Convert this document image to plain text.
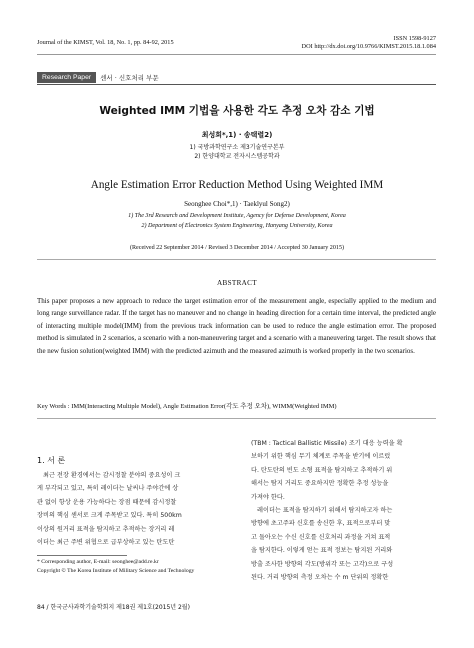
Journal of the KIMST, Vol. 18, No. 1, pp. 84-92, 2015
ISSN 1598-9127
DOI http://dx.doi.org/10.9766/KIMST.2015.18.1.084
Research Paper	센서 · 신호처리 부문
Weighted IMM 기법을 사용한 각도 추정 오차 감소 기법
최성희*,1) · 송택렬2)
1) 국방과학연구소 제3기술연구본부
2) 한양대학교 전자시스템공학과
Angle Estimation Error Reduction Method Using Weighted IMM
Seonghee Choi*,1) · Taeklyul Song2)
1) The 3rd Research and Development Institute, Agency for Defense Development, Korea
2) Department of Electronics System Engineering, Hanyang University, Korea
(Received 22 September 2014 / Revised 3 December 2014 / Accepted 30 January 2015)
ABSTRACT
This paper proposes a new approach to reduce the target estimation error of the measurement angle, especially applied to the medium and long range surveillance radar. If the target has no maneuver and no change in heading direction for a certain time interval, the predicted angle of interacting multiple model(IMM) from the previous track information can be used to reduce the angle estimation error. The proposed method is simulated in 2 scenarios, a scenario with a non-maneuvering target and a scenario with a maneuvering target. The result shows that the new fusion solution(weighted IMM) with the predicted azimuth and the measured azimuth is worked properly in the two scenarios.
Key Words : IMM(Interacting Multiple Model), Angle Estimation Error(각도 추정 오차), WIMM(Weighted IMM)
1. 서 론
최근 전장 환경에서는 감시정찰 분야의 중요성이 크
게 부각되고 있고, 특히 레이더는 날씨나 주야간에 상
관 없이 항상 운용 가능하다는 장점 때문에 감시정찰
장비의 핵심 센서로 크게 주목받고 있다. 특히 500km
이상의 원거리 표적을 탐지하고 추적하는 장거리 레
이더는 최근 주변 위협으로 급부상하고 있는 탄도탄
* Corresponding author, E-mail: seonghee@add.re.kr
Copyright © The Korea Institute of Military Science and Technology
(TBM : Tactical Ballistic Missile) 조기 대응 능력을 확
보하기 위한 핵심 무기 체계로 주목을 받기에 이르렀
다. 탄도탄의 빈도 소형 표적을 탐지하고 추적하기 위
해서는 탐지 거리도 중요하지만 정확한 추정 성능을
가져야 한다.
레이더는 표적을 탐지하기 위해서 탐지하고자 하는
방향에 초고주파 신호를 송신한 후, 표적으로부터 맞
고 돌아오는 수신 신호를 신호처리 과정을 거쳐 표적
을 탐지한다. 이렇게 얻는 표적 정보는 탐지된 거리와
방출 조사한 방향의 각도(방위각 또는 고각)으로 구성
된다. 거리 방향의 측정 오차는 수 m 단위의 정확한
84 / 한국군사과학기술학회지 제18권 제1호(2015년 2월)
